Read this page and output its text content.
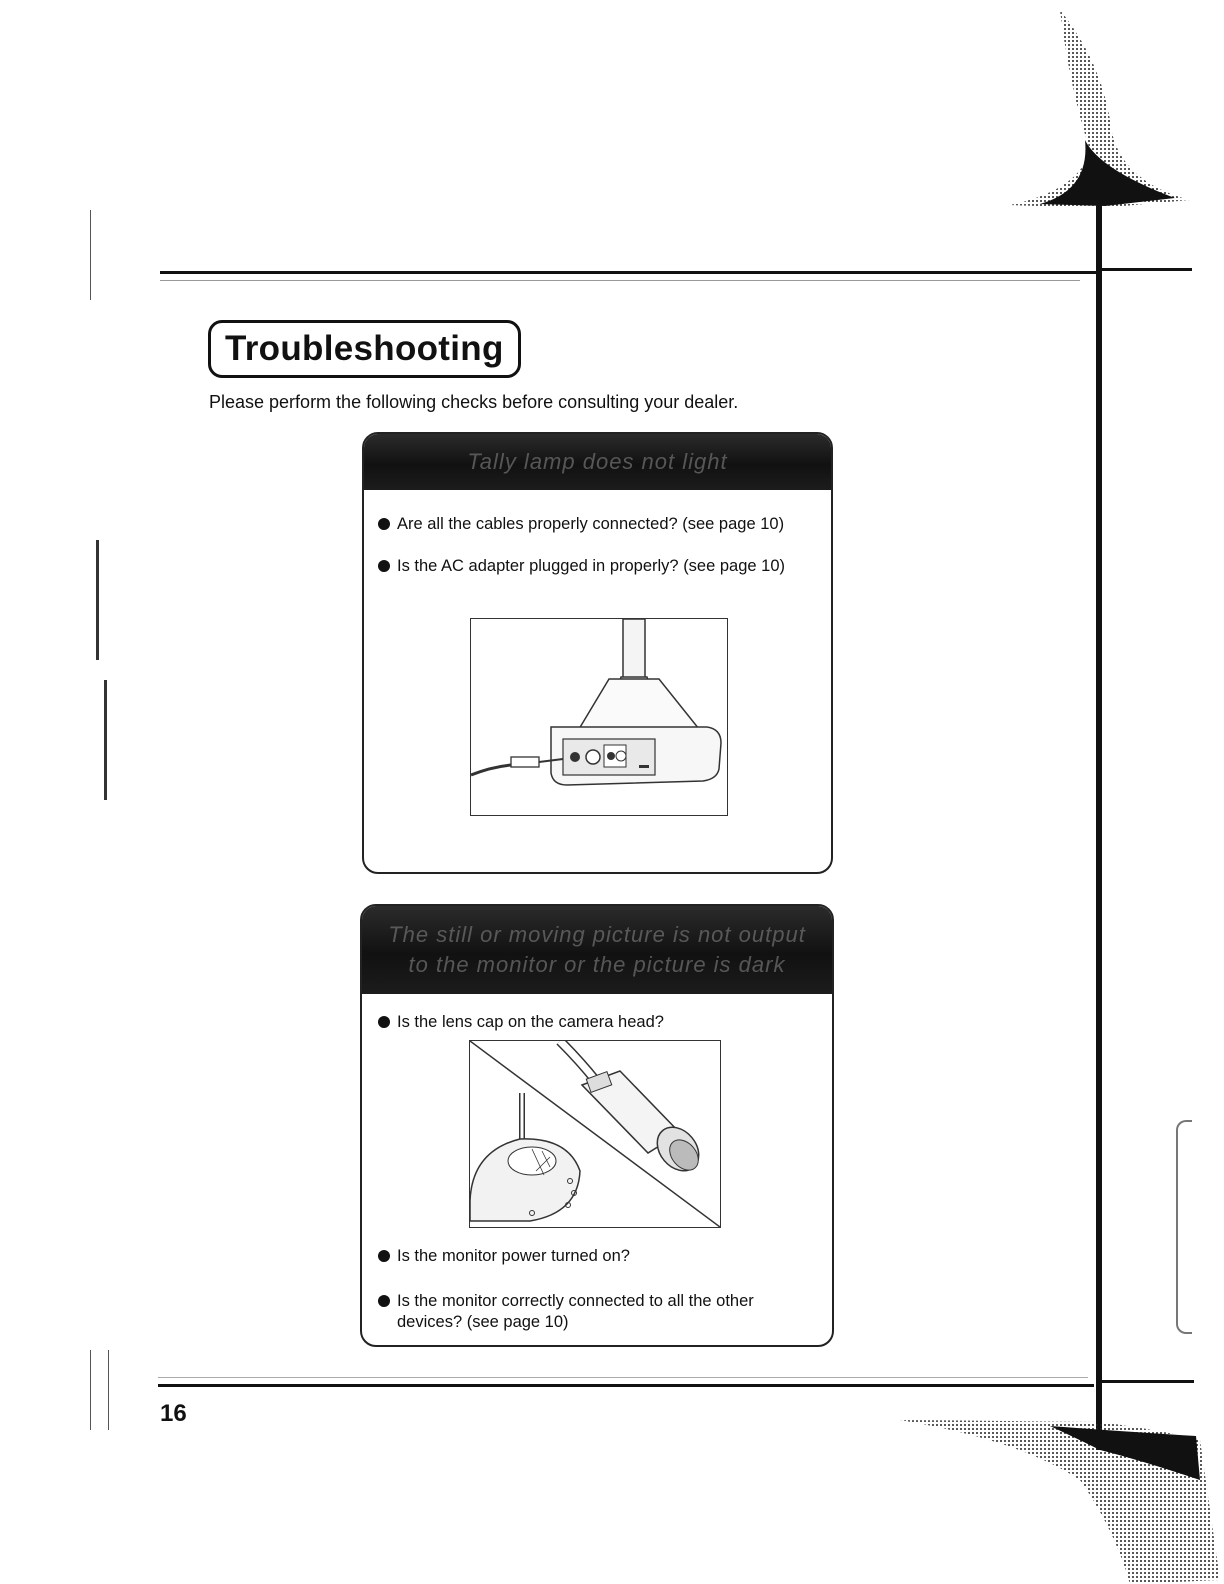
Troubleshooting
Please perform the following checks before consulting your dealer.
Tally lamp does not light
Are all the cables properly connected? (see page 10)
Is the AC adapter plugged in properly? (see page 10)
The still or moving picture is not output
to the monitor or the picture is dark
Is the lens cap on the camera head?
Is the monitor power turned on?
Is the monitor correctly connected to all the other devices? (see page 10)
16
